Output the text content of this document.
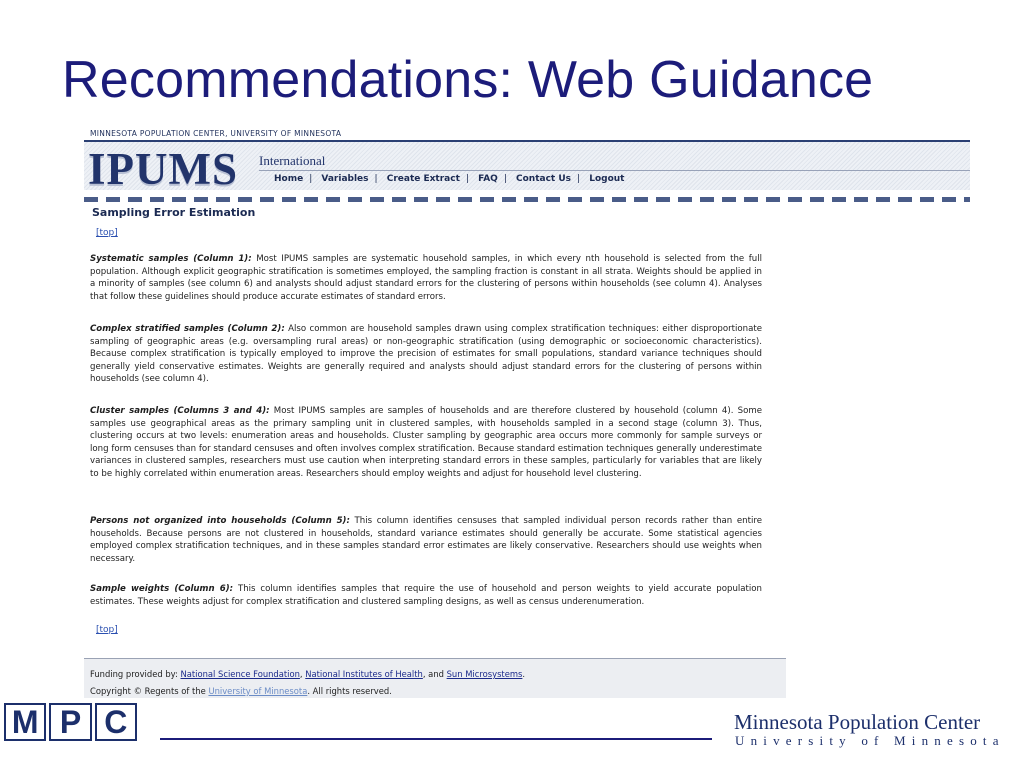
Recommendations: Web Guidance
MINNESOTA POPULATION CENTER, UNIVERSITY OF MINNESOTA
IPUMS International
Home | Variables | Create Extract | FAQ | Contact Us | Logout
Sampling Error Estimation
[top]

Systematic samples (Column 1): Most IPUMS samples are systematic household samples, in which every nth household is selected from the full population. Although explicit geographic stratification is sometimes employed, the sampling fraction is constant in all strata. Weights should be applied in a minority of samples (see column 6) and analysts should adjust standard errors for the clustering of persons within households (see column 4). Analyses that follow these guidelines should produce accurate estimates of standard errors.

Complex stratified samples (Column 2): Also common are household samples drawn using complex stratification techniques: either disproportionate sampling of geographic areas (e.g. oversampling rural areas) or non-geographic stratification (using demographic or socioeconomic characteristics). Because complex stratification is typically employed to improve the precision of estimates for small populations, standard variance techniques should generally yield conservative estimates. Weights are generally required and analysts should adjust standard errors for the clustering of persons within households (see column 4).

Cluster samples (Columns 3 and 4): Most IPUMS samples are samples of households and are therefore clustered by household (column 4). Some samples use geographical areas as the primary sampling unit in clustered samples, with households sampled in a second stage (column 3). Thus, clustering occurs at two levels: enumeration areas and households. Cluster sampling by geographic area occurs more commonly for sample surveys or long form censuses than for standard censuses and often involves complex stratification. Because standard estimation techniques generally underestimate variances in clustered samples, researchers must use caution when interpreting standard errors in these samples, particularly for variables that are likely to be highly correlated within enumeration areas. Researchers should employ weights and adjust for household level clustering.

Persons not organized into households (Column 5): This column identifies censuses that sampled individual person records rather than entire households. Because persons are not clustered in households, standard variance estimates should generally be accurate. Some statistical agencies employed complex stratification techniques, and in these samples standard error estimates are likely conservative. Researchers should use weights when necessary.

Sample weights (Column 6): This column identifies samples that require the use of household and person weights to yield accurate population estimates. These weights adjust for complex stratification and clustered sampling designs, as well as census underenumeration.

[top]
Funding provided by: National Science Foundation, National Institutes of Health, and Sun Microsystems.
Copyright © Regents of the University of Minnesota. All rights reserved.
M P C	Minnesota Population Center
University of Minnesota
